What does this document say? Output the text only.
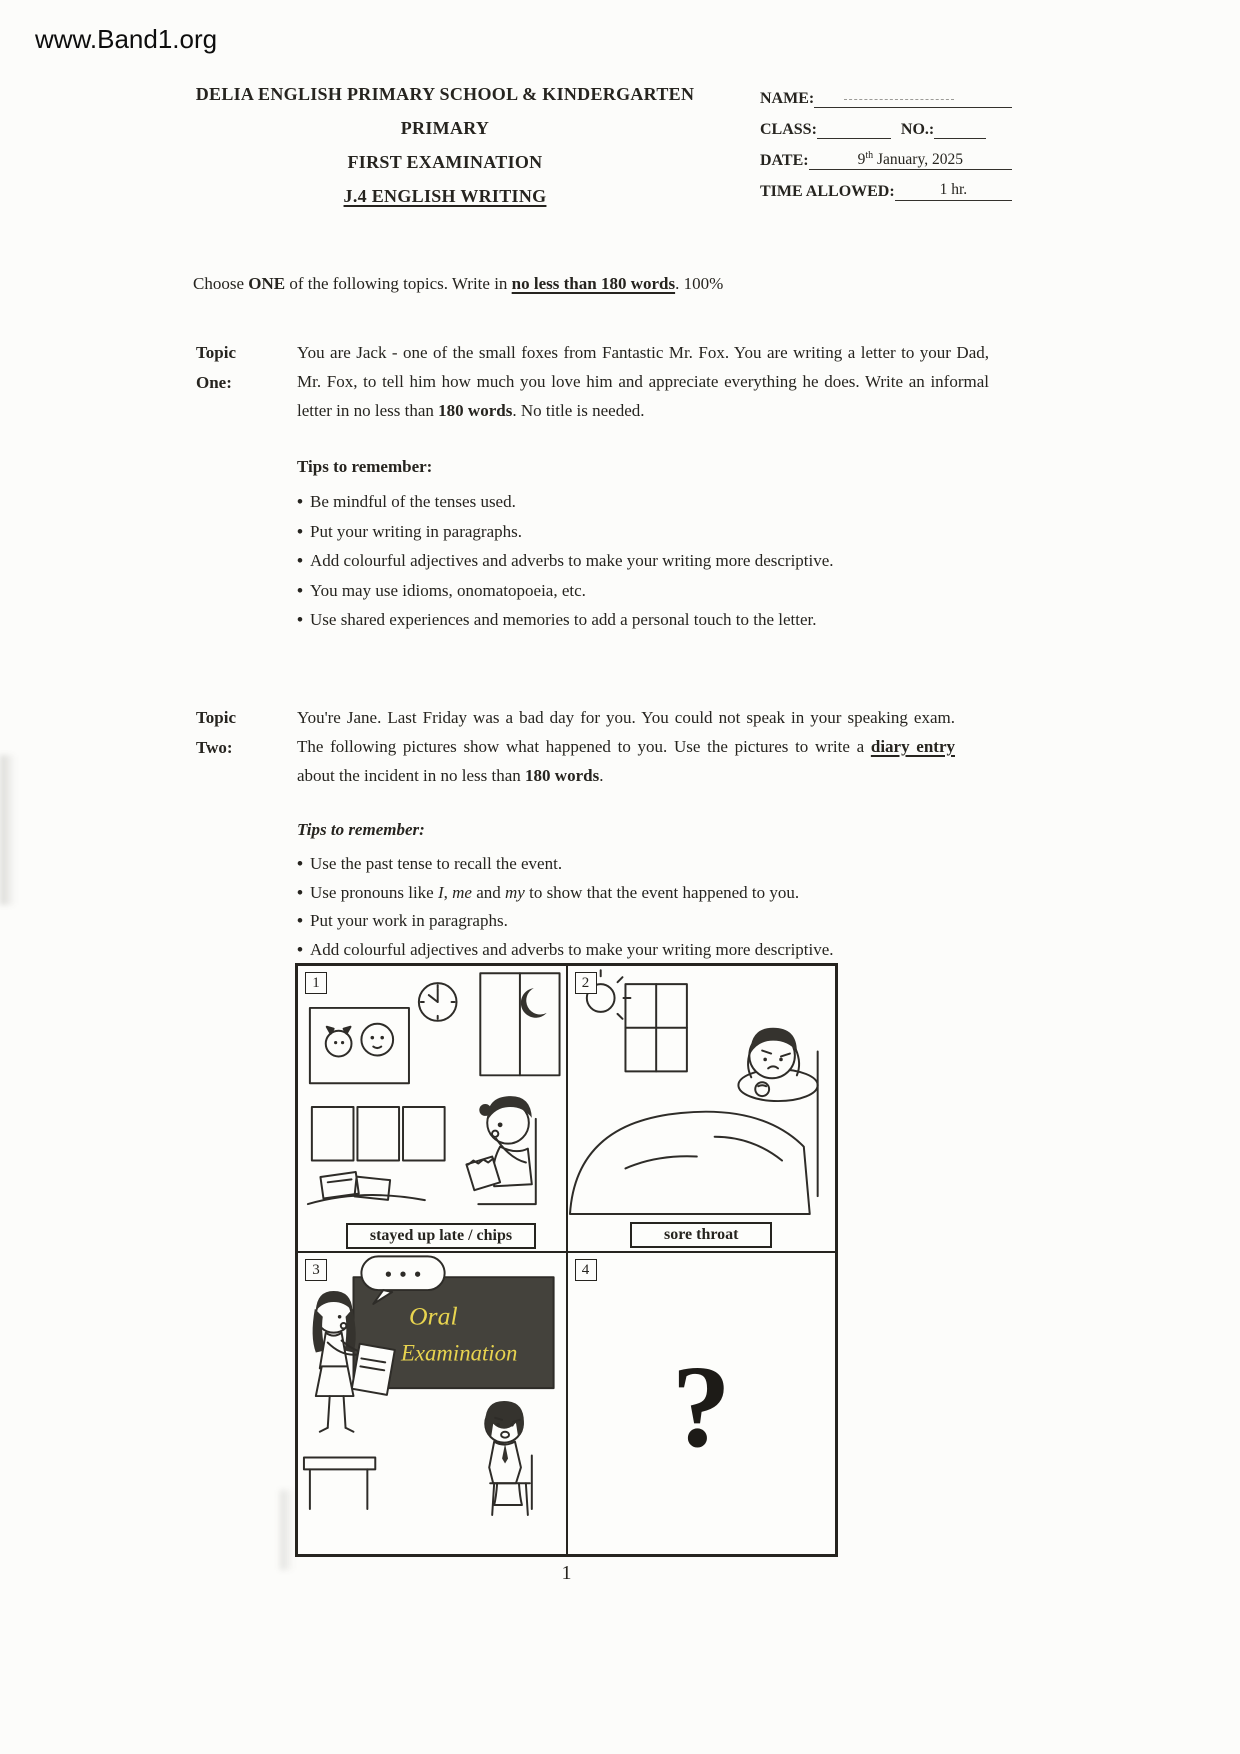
www.Band1.org
DELIA ENGLISH PRIMARY SCHOOL & KINDERGARTEN
PRIMARY
FIRST EXAMINATION
J.4 ENGLISH WRITING
NAME:
CLASS:	NO.:
DATE:	9th January, 2025
TIME ALLOWED:	1 hr.
Choose ONE of the following topics. Write in no less than 180 words. 100%
Topic
One:
You are Jack - one of the small foxes from Fantastic Mr. Fox. You are writing a letter to your Dad, Mr. Fox, to tell him how much you love him and appreciate everything he does. Write an informal letter in no less than 180 words. No title is needed.
Tips to remember:
• Be mindful of the tenses used.
• Put your writing in paragraphs.
• Add colourful adjectives and adverbs to make your writing more descriptive.
• You may use idioms, onomatopoeia, etc.
• Use shared experiences and memories to add a personal touch to the letter.
Topic
Two:
You're Jane. Last Friday was a bad day for you. You could not speak in your speaking exam. The following pictures show what happened to you. Use the pictures to write a diary entry about the incident in no less than 180 words.
Tips to remember:
• Use the past tense to recall the event.
• Use pronouns like I, me and my to show that the event happened to you.
• Put your work in paragraphs.
• Add colourful adjectives and adverbs to make your writing more descriptive.
1
stayed up late / chips
2
sore throat
3
Oral
Examination
• • •	4
?
1
